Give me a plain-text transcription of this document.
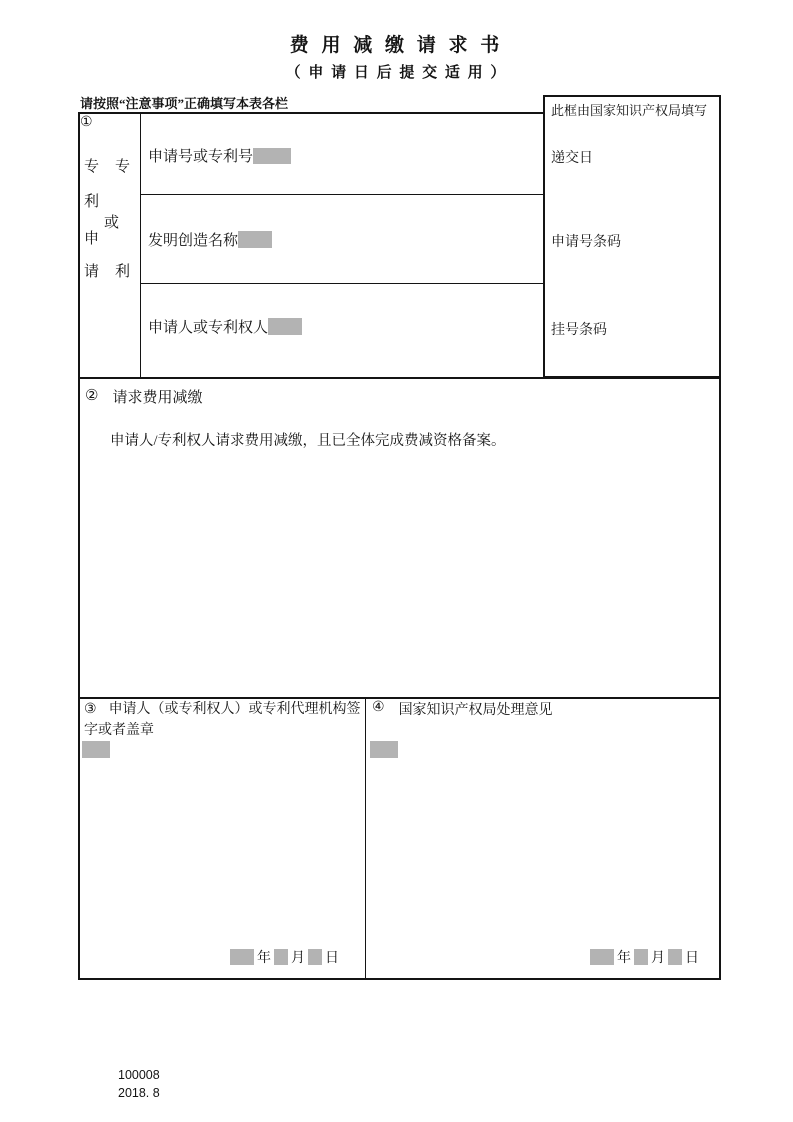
费 用 减 缴 请 求 书
（ 申 请 日 后 提 交 适 用 ）
请按照“注意事项”正确填写本表各栏	此框由国家知识产权局填写
递交日
申请号条码
挂号条码
①
专
利
申
请
或
专
利
申请号或专利号
发明创造名称
申请人或专利权人
② 请求费用减缴
申请人/专利权人请求费用减缴，且已全体完成费减资格备案。
③ 申请人（或专利权人）或专利代理机构签字或者盖章
年 月 日
④ 国家知识产权局处理意见
年 月 日
100008
2018. 8
